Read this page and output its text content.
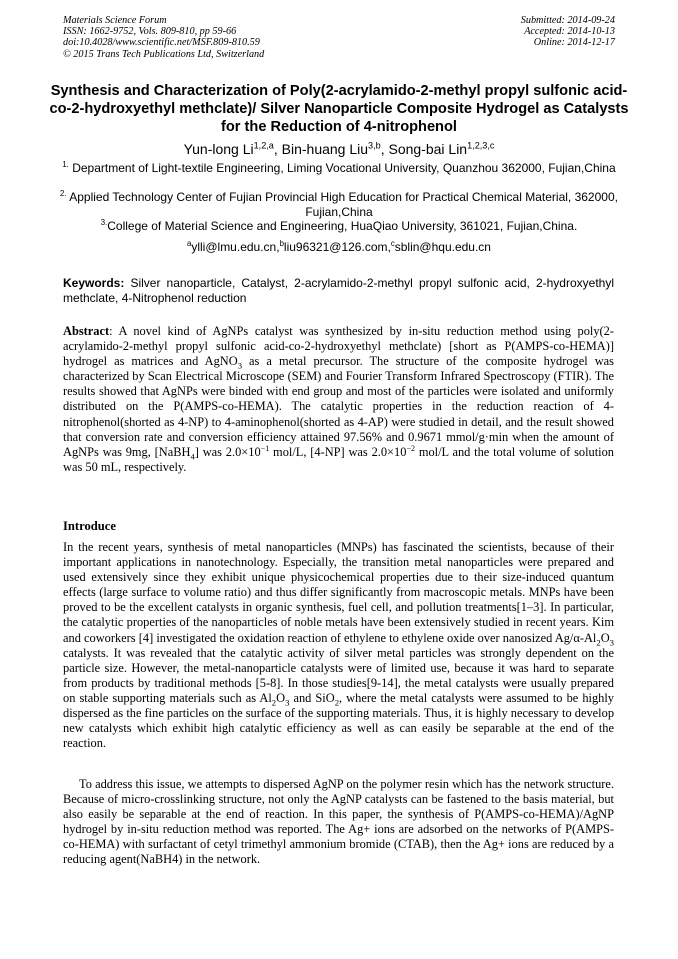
Materials Science Forum
ISSN: 1662-9752, Vols. 809-810, pp 59-66
doi:10.4028/www.scientific.net/MSF.809-810.59
© 2015 Trans Tech Publications Ltd, Switzerland
Submitted: 2014-09-24
Accepted: 2014-10-13
Online: 2014-12-17
Synthesis and Characterization of Poly(2-acrylamido-2-methyl propyl sulfonic acid-co-2-hydroxyethyl methclate)/ Silver Nanoparticle Composite Hydrogel as Catalysts for the Reduction of 4-nitrophenol
Yun-long Li$^{1,2,a}$, Bin-huang Liu$^{3,b}$, Song-bai Lin$^{1,2,3,c}$
$^{1.}$ Department of Light-textile Engineering, Liming Vocational University, Quanzhou 362000, Fujian,China
$^{2.}$ Applied Technology Center of Fujian Provincial High Education for Practical Chemical Material, 362000, Fujian,China
$^{3.}$College of Material Science and Engineering, HuaQiao University, 361021, Fujian,China.
$^a$ylli@lmu.edu.cn,$^b$liu96321@126.com,$^c$sblin@hqu.edu.cn
Keywords: Silver nanoparticle, Catalyst, 2-acrylamido-2-methyl propyl sulfonic acid, 2-hydroxyethyl methclate, 4-Nitrophenol reduction
Abstract: A novel kind of AgNPs catalyst was synthesized by in-situ reduction method using poly(2-acrylamido-2-methyl propyl sulfonic acid-co-2-hydroxyethyl methclate) [short as P(AMPS-co-HEMA)] hydrogel as matrices and AgNO$_3$ as a metal precursor. The structure of the composite hydrogel was characterized by Scan Electrical Microscope (SEM) and Fourier Transform Infrared Spectroscopy (FTIR). The results showed that AgNPs were binded with end group and most of the particles were isolated and uniformly distributed on the P(AMPS-co-HEMA). The catalytic properties in the reduction reaction of 4-nitrophenol(shorted as 4-NP) to 4-aminophenol(shorted as 4-AP) were studied in detail, and the result showed that conversion rate and conversion efficiency attained 97.56% and 0.9671 mmol/g·min when the amount of AgNPs was 9mg, [NaBH$_4$] was $2.0\times 10^{-1}$ mol/L, [4-NP] was $2.0\times 10^{-2}$ mol/L and the total volume of solution was 50 mL, respectively.
Introduce
In the recent years, synthesis of metal nanoparticles (MNPs) has fascinated the scientists, because of their important applications in nanotechnology. Especially, the transition metal nanoparticles were prepared and used extensively since they exhibit unique physicochemical properties due to their size-induced quantum effects (large surface to volume ratio) and thus differ significantly from macroscopic metals. MNPs have been proved to be the excellent catalysts in organic synthesis, fuel cell, and pollution treatments[1–3]. In particular, the catalytic properties of the nanoparticles of noble metals have been extensively studied in recent years. Kim and coworkers [4] investigated the oxidation reaction of ethylene to ethylene oxide over nanosized $Ag/\alpha-Al_2O_3$ catalysts. It was revealed that the catalytic activity of silver metal particles was strongly dependent on the particle size. However, the metal-nanoparticle catalysts were of limited use, because it was hard to separate from products by traditional methods [5-8]. In those studies[9-14], the metal catalysts were usually prepared on stable supporting materials such as $Al_2O_3$ and SiO$_2$, where the metal catalysts were assumed to be highly dispersed as the fine particles on the surface of the supporting materials. Thus, it is highly necessary to develop new catalysts which exhibit high catalytic efficiency as well as can easily be separable at the end of the reaction.
To address this issue, we attempts to dispersed AgNP on the polymer resin which has the network structure. Because of micro-crosslinking structure, not only the AgNP catalysts can be fastened to the basis material, but also easily be separable at the end of reaction. In this paper, the synthesis of P(AMPS-co-HEMA)/AgNP hydrogel by in-situ reduction method was reported. The Ag+ ions are adsorbed on the networks of P(AMPS-co-HEMA) with surfactant of cetyl trimethyl ammonium bromide (CTAB), then the Ag+ ions are reduced by a reducing agent(NaBH4) in the network.
